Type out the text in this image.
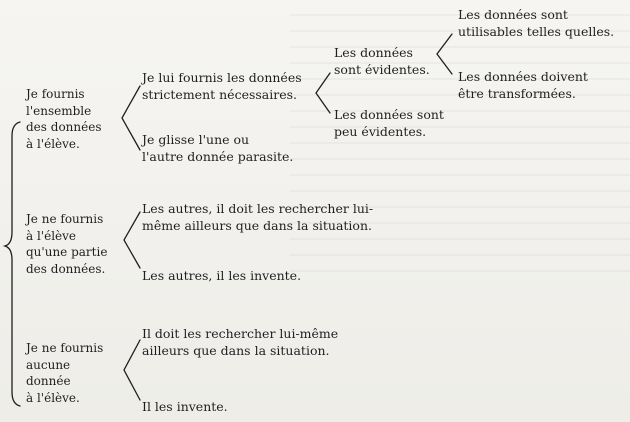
Je fournis
l'ensemble
des données
à l'élève.
Je ne fournis
à l'élève
qu'une partie
des données.
Je ne fournis
aucune
donnée
à l'élève.
Je lui fournis les données
strictement nécessaires.
Je glisse l'une ou
l'autre donnée parasite.
Les données
sont évidentes.
Les données sont
peu évidentes.
Les données sont
utilisables telles quelles.
Les données doivent
être transformées.
Les autres, il doit les rechercher lui-
même ailleurs que dans la situation.
Les autres, il les invente.
Il doit les rechercher lui-même
ailleurs que dans la situation.
Il les invente.
